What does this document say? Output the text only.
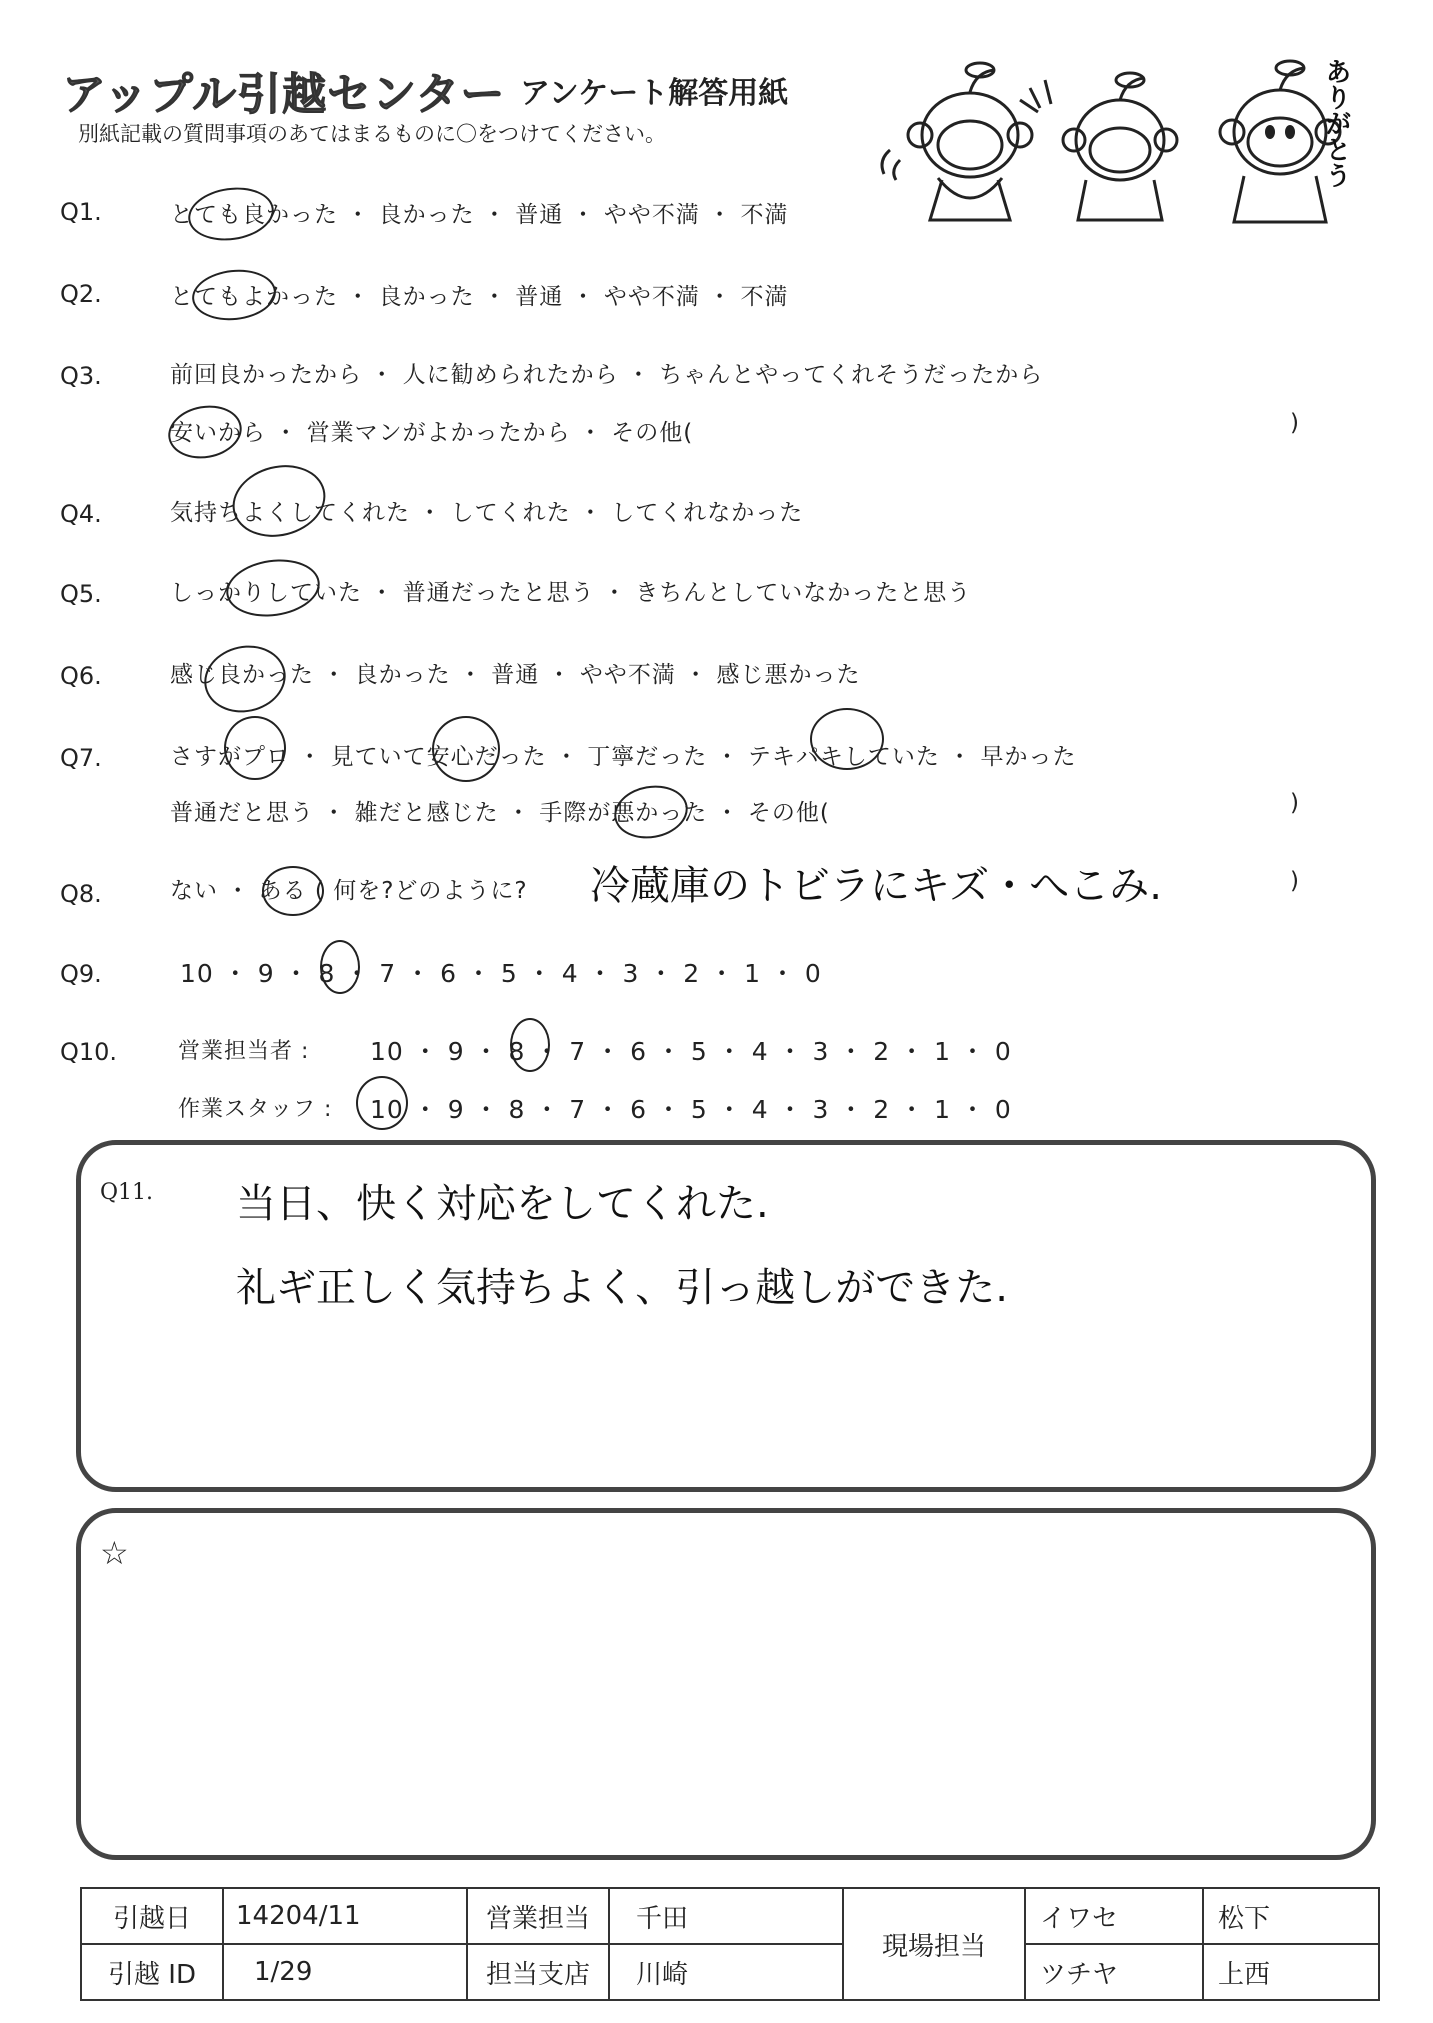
アップル引越センター アンケート解答用紙
別紙記載の質問事項のあてはまるものに〇をつけてください。	ありがとう
Q1.	とても良かった ・ 良かった ・ 普通 ・ やや不満 ・ 不満
Q2.	とてもよかった ・ 良かった ・ 普通 ・ やや不満 ・ 不満
Q3.	前回良かったから ・ 人に勧められたから ・ ちゃんとやってくれそうだったから
安いから ・ 営業マンがよかったから ・ その他(	)
Q4.	気持ちよくしてくれた ・ してくれた ・ してくれなかった
Q5.	しっかりしていた ・ 普通だったと思う ・ きちんとしていなかったと思う
Q6.	感じ良かった ・ 良かった ・ 普通 ・ やや不満 ・ 感じ悪かった
Q7.	さすがプロ ・ 見ていて安心だった ・ 丁寧だった ・ テキパキしていた ・ 早かった
普通だと思う ・ 雑だと感じた ・ 手際が悪かった ・ その他(	)
Q8.	ない ・ ある ( 何を?どのように? 冷蔵庫のトビラにキズ・へこみ.	)
Q9.	10 ・ 9 ・ 8 ・ 7 ・ 6 ・ 5 ・ 4 ・ 3 ・ 2 ・ 1 ・ 0
Q10.	営業担当者 : 10 ・ 9 ・ 8 ・ 7 ・ 6 ・ 5 ・ 4 ・ 3 ・ 2 ・ 1 ・ 0
作業スタッフ : 10 ・ 9 ・ 8 ・ 7 ・ 6 ・ 5 ・ 4 ・ 3 ・ 2 ・ 1 ・ 0
Q11. 当日、快く対応をしてくれた.
礼ギ正しく気持ちよく、引っ越しができた.
☆
引越日	14204/11	営業担当	千田	現場担当	イワセ	松下
引越 ID	1/29	担当支店	川崎		ツチヤ	上西
